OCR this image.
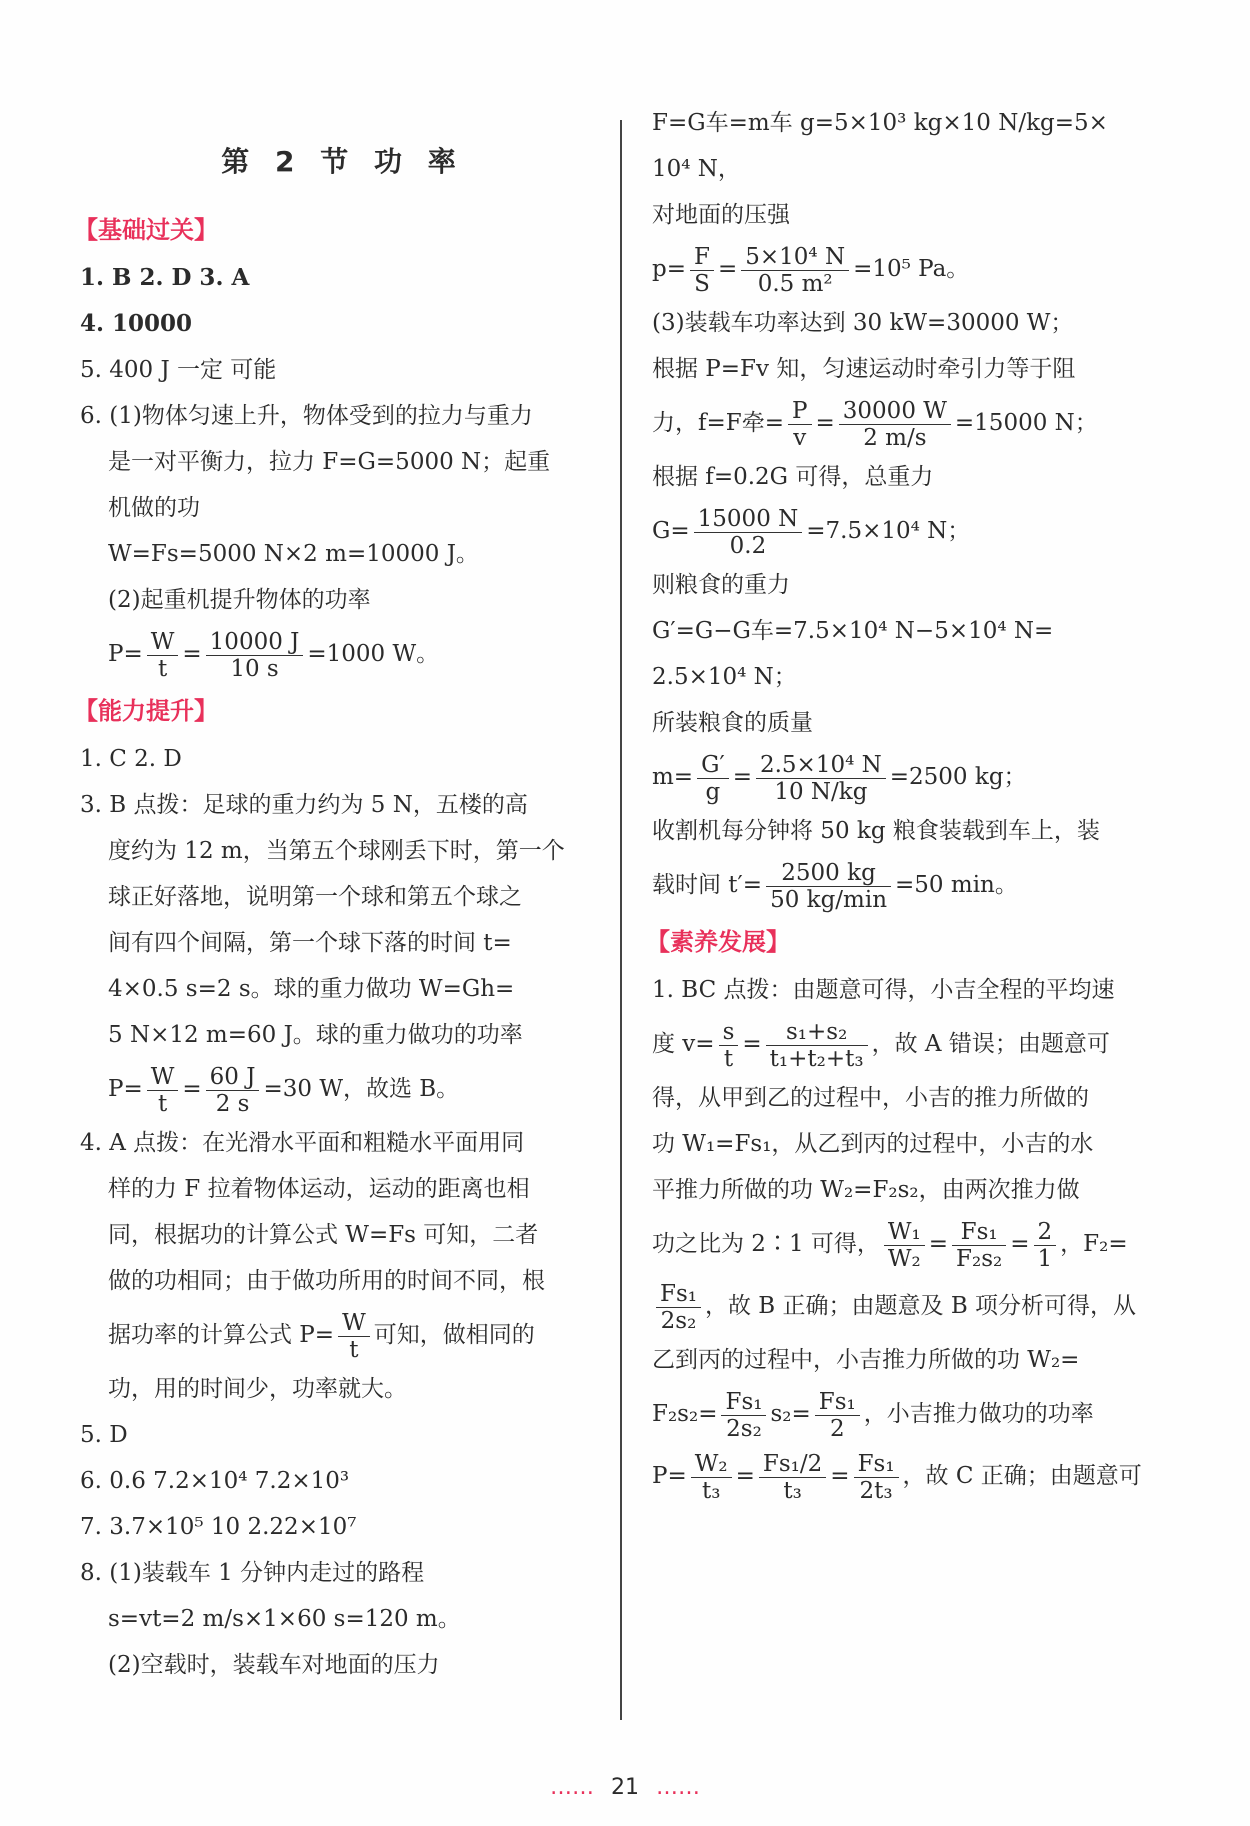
第 2 节 功 率
【基础过关】
1. B 2. D 3. A
4. 10000
5. 400 J 一定 可能
6. (1)物体匀速上升，物体受到的拉力与重力
是一对平衡力，拉力 F=G=5000 N；起重
机做的功
W=Fs=5000 N×2 m=10000 J。
(2)起重机提升物体的功率
$P= \frac{W}{t} = \frac{10000 J}{10 s} =1000$ W。
【能力提升】
1. C 2. D
3. B 点拨：足球的重力约为 5 N，五楼的高
度约为 12 m，当第五个球刚丢下时，第一个
球正好落地，说明第一个球和第五个球之
间有四个间隔，第一个球下落的时间 t=
4×0.5 s=2 s。球的重力做功 W=Gh=
5 N×12 m=60 J。球的重力做功的功率
$P= \frac{W}{t} = \frac{60 J}{2 s} =30$ W，故选 B。
4. A 点拨：在光滑水平面和粗糙水平面用同
样的力 F 拉着物体运动，运动的距离也相
同，根据功的计算公式 W=Fs 可知，二者
做的功相同；由于做功所用的时间不同，根
据功率的计算公式 $P= \frac{W}{t}$ 可知，做相同的
功，用的时间少，功率就大。
5. D
6. 0.6 7.2×10⁴ 7.2×10³
7. 3.7×10⁵ 10 2.22×10⁷
8. (1)装载车 1 分钟内走过的路程
s=vt=2 m/s×1×60 s=120 m。
(2)空载时，装载车对地面的压力
F=G车=m车 g=5×10³ kg×10 N/kg=5×
10⁴ N，
对地面的压强
$p= \frac{F}{S} = \frac{\text{5×10⁴ N}}{\text{0.5 m²}} =10^5$ Pa。
(3)装载车功率达到 30 kW=30000 W；
根据 P=Fv 知，匀速运动时牵引力等于阻
力，f=F牵= $\frac{P}{v} = \frac{30000 W}{2 m/s} =15000$ N；
根据 f=0.2G 可得，总重力
$G= \frac{15000 N}{0.2} =7.5\times 10^4$ N；
则粮食的重力
G′=G−G车=7.5×10⁴ N−5×10⁴ N=
2.5×10⁴ N；
所装粮食的质量
$m= \frac{G'}{g} = \frac{\text{2.5×10⁴ N}}{10 N/kg} =2500$ kg；
收割机每分钟将 50 kg 粮食装载到车上，装
载时间 $t'= \frac{2500 kg}{50 kg/\min} =50$ min。
【素养发展】
1. BC 点拨：由题意可得，小吉全程的平均速
度 $v= \frac{s}{t} = \frac{\text{s₁+s₂}}{\text{t₁+t₂+t₃}}$ ，故 A 错误；由题意可
得，从甲到乙的过程中，小吉的推力所做的
功 W₁=Fs₁，从乙到丙的过程中，小吉的水
平推力所做的功 W₂=F₂s₂，由两次推力做
功之比为 2∶1 可得， $\frac{\text{W₁}}{\text{W₂}} = \frac{\text{Fs₁}}{\text{F₂s₂}} = \frac{2}{1}$ ，F₂=
$\frac{\text{Fs₁}}{\text{2s₂}}$ ，故 B 正确；由题意及 B 项分析可得，从
乙到丙的过程中，小吉推力所做的功 W₂=
$F_2s_2= \frac{\text{Fs₁}}{\text{2s₂}} s_2= \frac{\text{Fs₁}}{2}$ ，小吉推力做功的功率
$P= \frac{\text{W₂}}{\text{t₃}} = \frac{\text{Fs₁/2}}{\text{t₃}} = \frac{\text{Fs₁}}{\text{2t₃}}$ ，故 C 正确；由题意可
…… 21 ……
